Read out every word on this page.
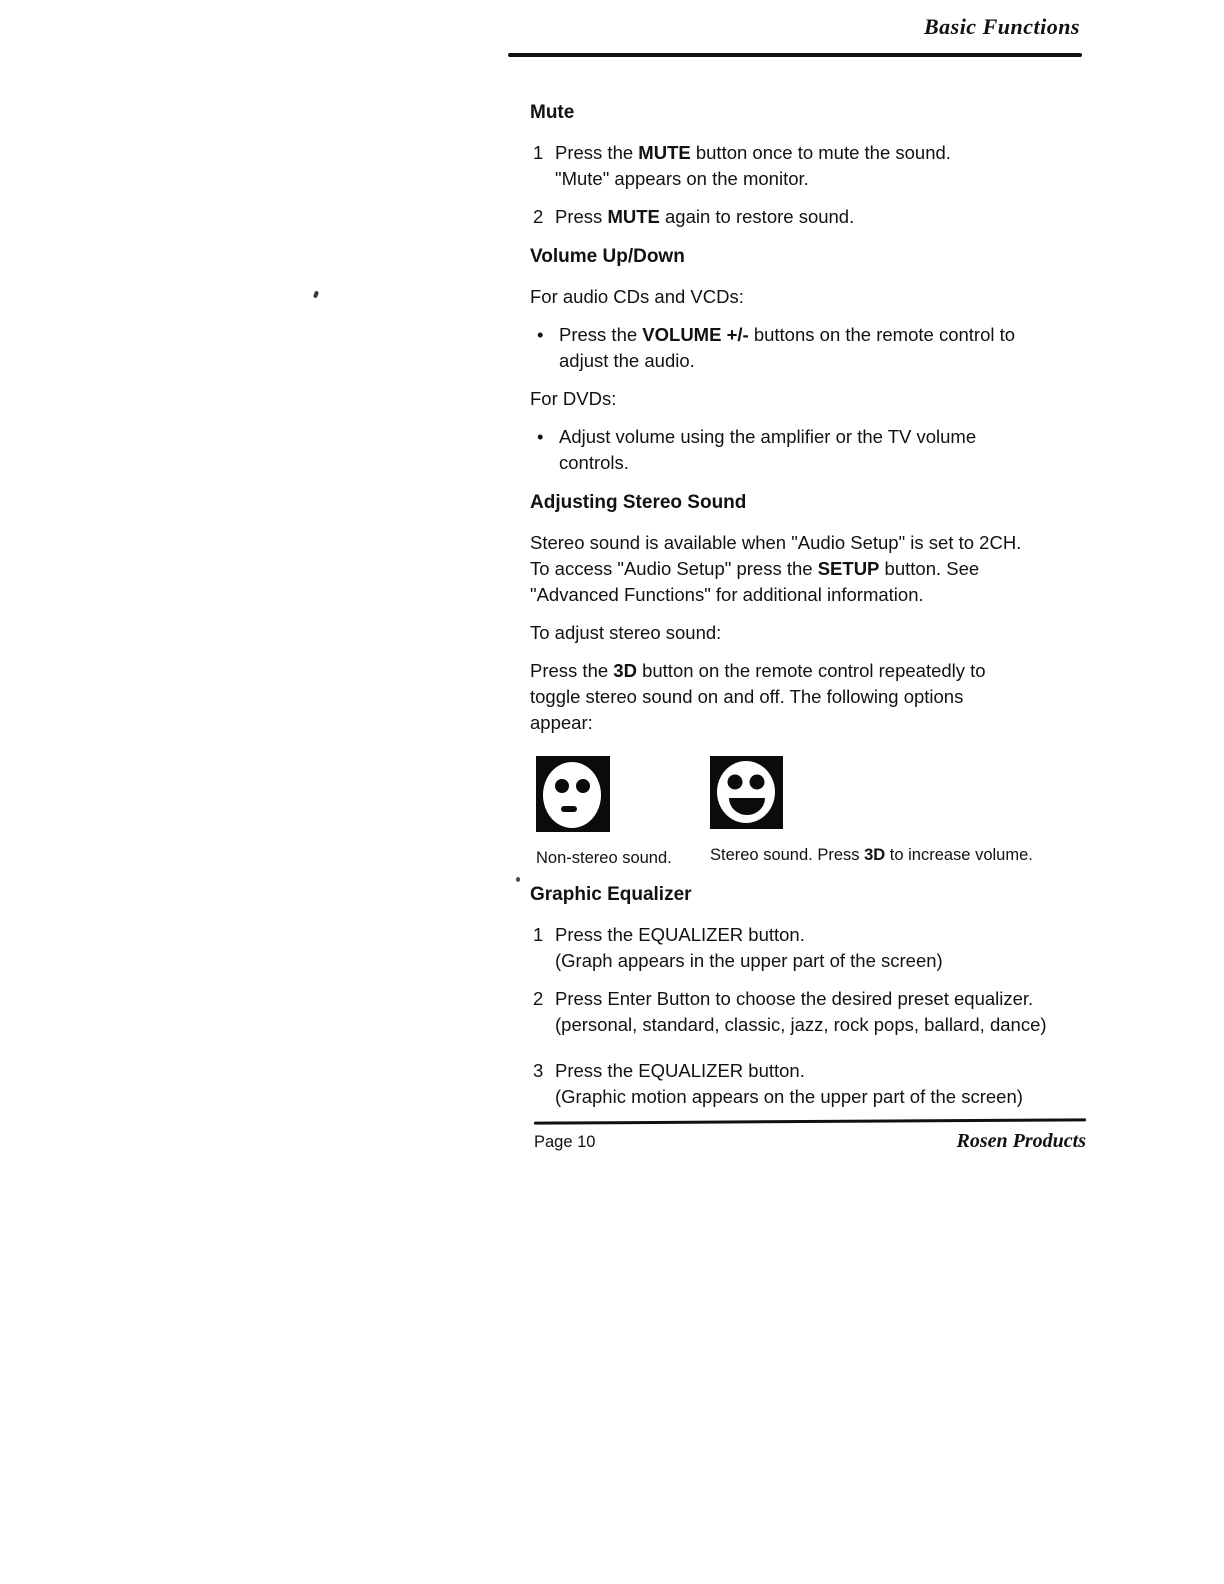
Basic Functions
Mute
1 Press the MUTE button once to mute the sound.
"Mute" appears on the monitor.
2 Press MUTE again to restore sound.
Volume Up/Down

For audio CDs and VCDs:

• Press the VOLUME +/- buttons on the remote control to
adjust the audio.

For DVDs:

• Adjust volume using the amplifier or the TV volume
controls.
Adjusting Stereo Sound
Stereo sound is available when "Audio Setup" is set to 2CH.
To access "Audio Setup" press the SETUP button. See
"Advanced Functions" for additional information.

To adjust stereo sound:

Press the 3D button on the remote control repeatedly to
toggle stereo sound on and off. The following options
appear:
Non-stereo sound. Stereo sound. Press 3D to increase volume.
Graphic Equalizer
1 Press the EQUALIZER button.
(Graph appears in the upper part of the screen)
2 Press Enter Button to choose the desired preset equalizer.
(personal, standard, classic, jazz, rock pops, ballard, dance)
3 Press the EQUALIZER button.
(Graphic motion appears on the upper part of the screen)
Page 10	Rosen Products
